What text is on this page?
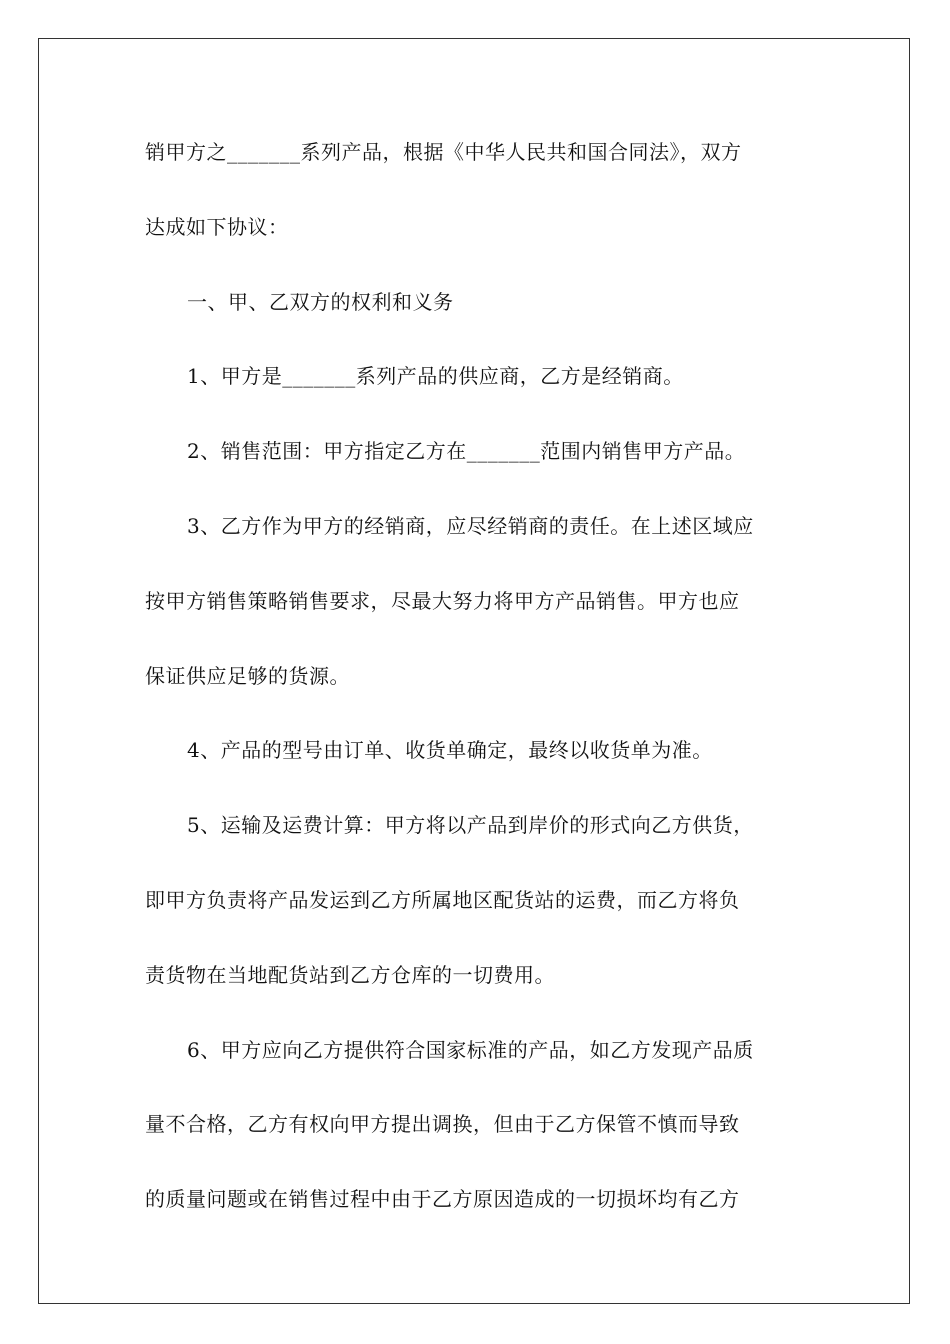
销甲方之_______系列产品，根据《中华人民共和国合同法》，双方
达成如下协议：
一、甲、乙双方的权利和义务
1、甲方是_______系列产品的供应商，乙方是经销商。
2、销售范围：甲方指定乙方在_______范围内销售甲方产品。
3、乙方作为甲方的经销商，应尽经销商的责任。在上述区域应
按甲方销售策略销售要求，尽最大努力将甲方产品销售。甲方也应
保证供应足够的货源。
4、产品的型号由订单、收货单确定，最终以收货单为准。
5、运输及运费计算：甲方将以产品到岸价的形式向乙方供货，
即甲方负责将产品发运到乙方所属地区配货站的运费，而乙方将负
责货物在当地配货站到乙方仓库的一切费用。
6、甲方应向乙方提供符合国家标准的产品，如乙方发现产品质
量不合格，乙方有权向甲方提出调换，但由于乙方保管不慎而导致
的质量问题或在销售过程中由于乙方原因造成的一切损坏均有乙方
